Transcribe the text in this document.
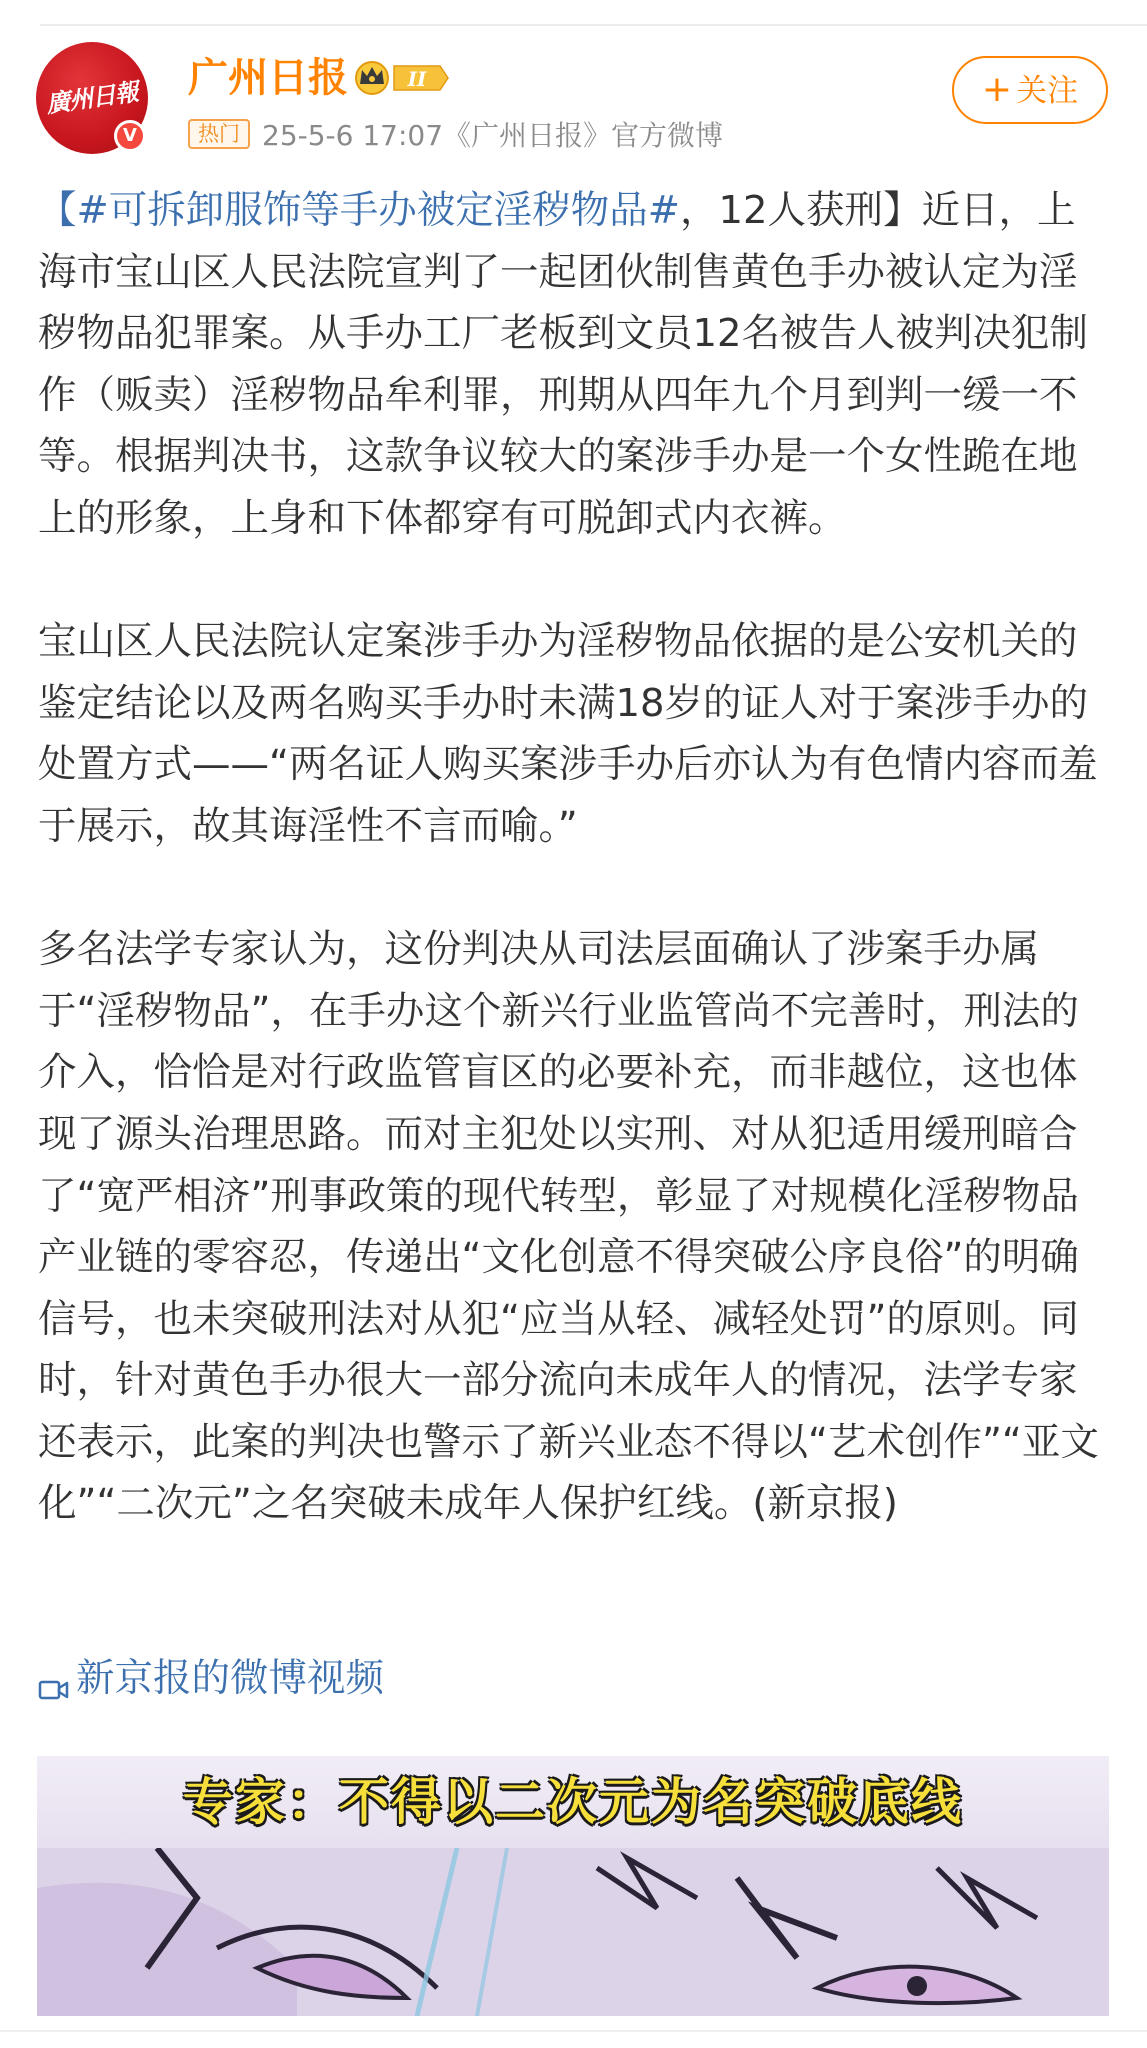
廣州日報
V
广州日报	II
热门 25-5-6 17:07《广州日报》官方微博
+ 关注

【#可拆卸服饰等手办被定淫秽物品#，12人获刑】近日，上海市宝山区人民法院宣判了一起团伙制售黄色手办被认定为淫秽物品犯罪案。从手办工厂老板到文员12名被告人被判决犯制作（贩卖）淫秽物品牟利罪，刑期从四年九个月到判一缓一不等。根据判决书，这款争议较大的案涉手办是一个女性跪在地上的形象，上身和下体都穿有可脱卸式内衣裤。

宝山区人民法院认定案涉手办为淫秽物品依据的是公安机关的鉴定结论以及两名购买手办时未满18岁的证人对于案涉手办的处置方式——“两名证人购买案涉手办后亦认为有色情内容而羞于展示，故其诲淫性不言而喻。”

多名法学专家认为，这份判决从司法层面确认了涉案手办属于“淫秽物品”，在手办这个新兴行业监管尚不完善时，刑法的介入，恰恰是对行政监管盲区的必要补充，而非越位，这也体现了源头治理思路。而对主犯处以实刑、对从犯适用缓刑暗合了“宽严相济”刑事政策的现代转型，彰显了对规模化淫秽物品产业链的零容忍，传递出“文化创意不得突破公序良俗”的明确信号，也未突破刑法对从犯“应当从轻、减轻处罚”的原则。同时，针对黄色手办很大一部分流向未成年人的情况，法学专家还表示，此案的判决也警示了新兴业态不得以“艺术创作”“亚文化”“二次元”之名突破未成年人保护红线。(新京报)

新京报的微博视频
专家：不得以二次元为名突破底线
